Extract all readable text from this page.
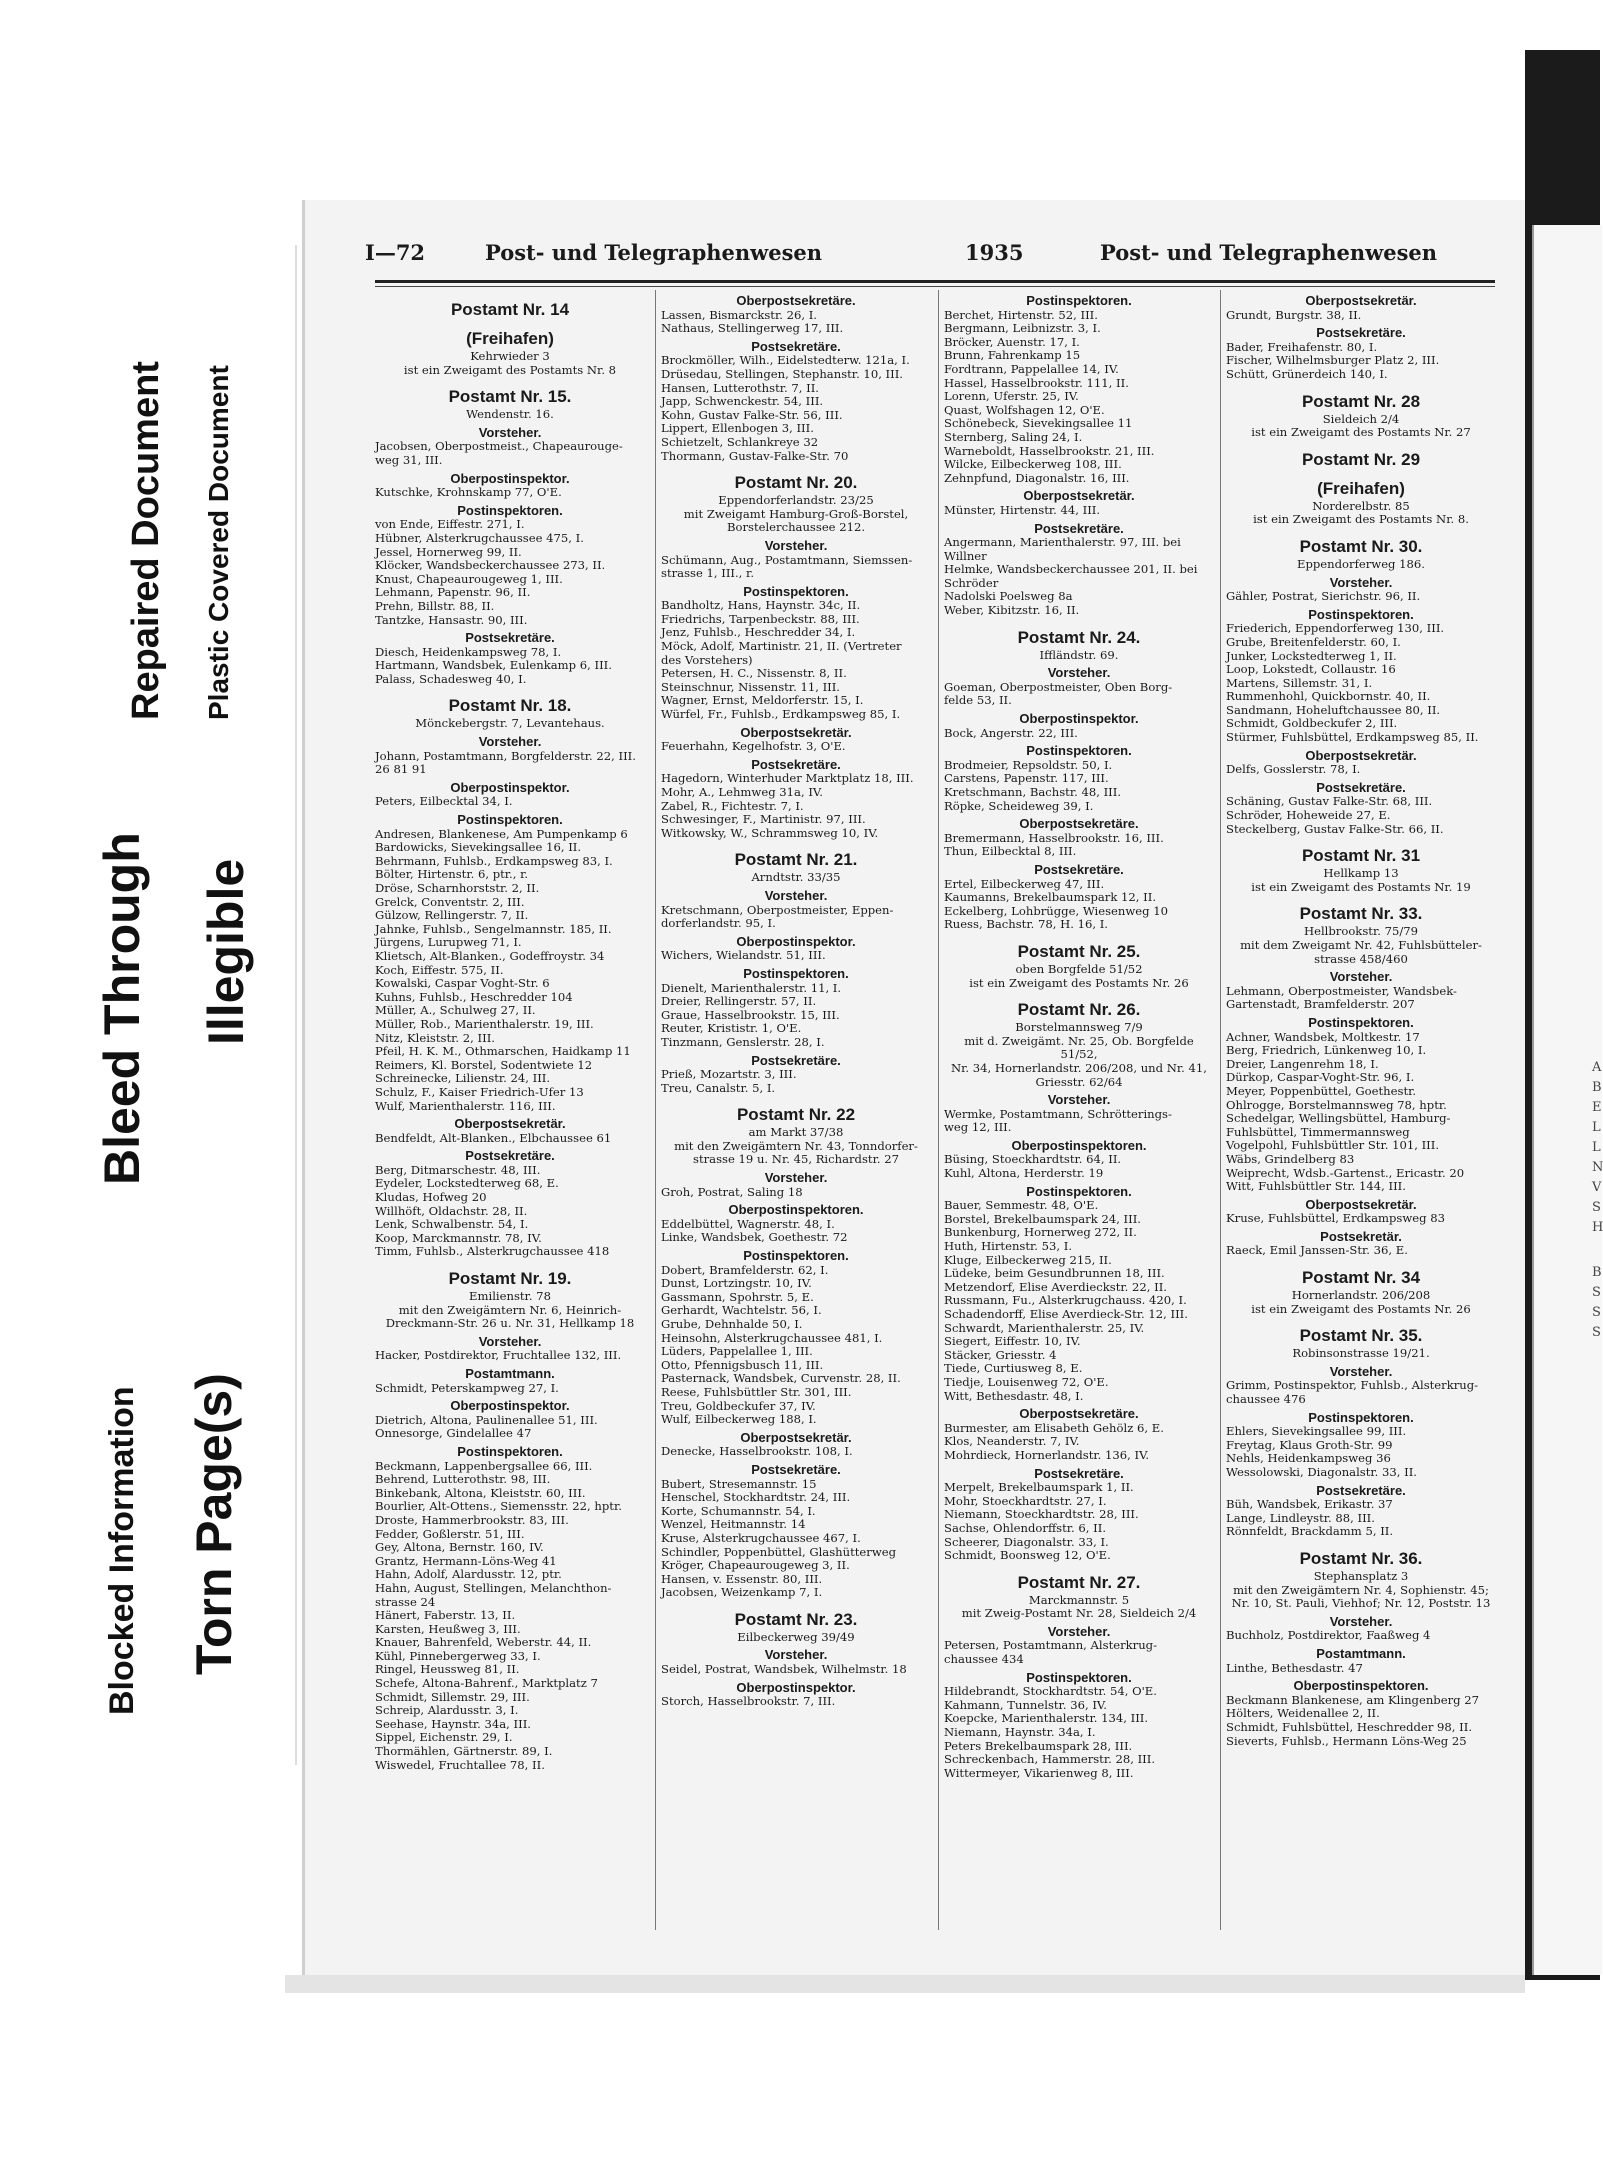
Repaired Document Plastic Covered Document
Bleed Through Illegible
Blocked Information Torn Page(s)
I—72	Post- und Telegraphenwesen	1935	Post- und Telegraphenwesen
Postamt Nr. 14
(Freihafen)
Kehrwieder 3
ist ein Zweigamt des Postamts Nr. 8
Postamt Nr. 15.
Wendenstr. 16.
Vorsteher.
Jacobsen, Oberpostmeist., Chapeaurouge-
weg 31, III.
Oberpostinspektor.
Kutschke, Krohnskamp 77, O'E.
Postinspektoren.
von Ende, Eiffestr. 271, I.
Hübner, Alsterkrugchaussee 475, I.
Jessel, Hornerweg 99, II.
Klöcker, Wandsbeckerchaussee 273, II.
Knust, Chapeaurougeweg 1, III.
Lehmann, Papenstr. 96, II.
Prehn, Billstr. 88, II.
Tantzke, Hansastr. 90, III.
Postsekretäre.
Diesch, Heidenkampsweg 78, I.
Hartmann, Wandsbek, Eulenkamp 6, III.
Palass, Schadesweg 40, I.
Postamt Nr. 18.
Mönckebergstr. 7, Levantehaus.
Vorsteher.
Johann, Postamtmann, Borgfelderstr. 22, III.
26 81 91
Oberpostinspektor.
Peters, Eilbecktal 34, I.
Postinspektoren.
Andresen, Blankenese, Am Pumpenkamp 6
Bardowicks, Sievekingsallee 16, II.
Behrmann, Fuhlsb., Erdkampsweg 83, I.
Bölter, Hirtenstr. 6, ptr., r.
Dröse, Scharnhorststr. 2, II.
Grelck, Conventstr. 2, III.
Gülzow, Rellingerstr. 7, II.
Jahnke, Fuhlsb., Sengelmannstr. 185, II.
Jürgens, Lurupweg 71, I.
Klietsch, Alt-Blanken., Godeffroystr. 34
Koch, Eiffestr. 575, II.
Kowalski, Caspar Voght-Str. 6
Kuhns, Fuhlsb., Heschredder 104
Müller, A., Schulweg 27, II.
Müller, Rob., Marienthalerstr. 19, III.
Nitz, Kleiststr. 2, III.
Pfeil, H. K. M., Othmarschen, Haidkamp 11
Reimers, Kl. Borstel, Sodentwiete 12
Schreinecke, Lilienstr. 24, III.
Schulz, F., Kaiser Friedrich-Ufer 13
Wulf, Marienthalerstr. 116, III.
Oberpostsekretär.
Bendfeldt, Alt-Blanken., Elbchaussee 61
Postsekretäre.
Berg, Ditmarschestr. 48, III.
Eydeler, Lockstedterweg 68, E.
Kludas, Hofweg 20
Willhöft, Oldachstr. 28, II.
Lenk, Schwalbenstr. 54, I.
Koop, Marckmannstr. 78, IV.
Timm, Fuhlsb., Alsterkrugchaussee 418
Postamt Nr. 19.
Emilienstr. 78
mit den Zweigämtern Nr. 6, Heinrich-
Dreckmann-Str. 26 u. Nr. 31, Hellkamp 18
Vorsteher.
Hacker, Postdirektor, Fruchtallee 132, III.
Postamtmann.
Schmidt, Peterskampweg 27, I.
Oberpostinspektor.
Dietrich, Altona, Paulinenallee 51, III.
Onnesorge, Gindelallee 47
Postinspektoren.
Beckmann, Lappenbergsallee 66, III.
Behrend, Lutterothstr. 98, III.
Binkebank, Altona, Kleiststr. 60, III.
Bourlier, Alt-Ottens., Siemensstr. 22, hptr.
Droste, Hammerbrookstr. 83, III.
Fedder, Goßlerstr. 51, III.
Gey, Altona, Bernstr. 160, IV.
Grantz, Hermann-Löns-Weg 41
Hahn, Adolf, Alardusstr. 12, ptr.
Hahn, August, Stellingen, Melanchthon-
strasse 24
Hänert, Faberstr. 13, II.
Karsten, Heußweg 3, III.
Knauer, Bahrenfeld, Weberstr. 44, II.
Kühl, Pinnebergerweg 33, I.
Ringel, Heussweg 81, II.
Schefe, Altona-Bahrenf., Marktplatz 7
Schmidt, Sillemstr. 29, III.
Schreip, Alardusstr. 3, I.
Seehase, Haynstr. 34a, III.
Sippel, Eichenstr. 29, I.
Thormählen, Gärtnerstr. 89, I.
Wiswedel, Fruchtallee 78, II.
Oberpostsekretäre.
Lassen, Bismarckstr. 26, I.
Nathaus, Stellingerweg 17, III.
Postsekretäre.
Brockmöller, Wilh., Eidelstedterw. 121a, I.
Drüsedau, Stellingen, Stephanstr. 10, III.
Hansen, Lutterothstr. 7, II.
Japp, Schwenckestr. 54, III.
Kohn, Gustav Falke-Str. 56, III.
Lippert, Ellenbogen 3, III.
Schietzelt, Schlankreye 32
Thormann, Gustav-Falke-Str. 70
Postamt Nr. 20.
Eppendorferlandstr. 23/25
mit Zweigamt Hamburg-Groß-Borstel,
Borstelerchaussee 212.
Vorsteher.
Schümann, Aug., Postamtmann, Siemssen-
strasse 1, III., r.
Postinspektoren.
Bandholtz, Hans, Haynstr. 34c, II.
Friedrichs, Tarpenbeckstr. 88, III.
Jenz, Fuhlsb., Heschredder 34, I.
Möck, Adolf, Martinistr. 21, II. (Vertreter
des Vorstehers)
Petersen, H. C., Nissenstr. 8, II.
Steinschnur, Nissenstr. 11, III.
Wagner, Ernst, Meldorferstr. 15, I.
Würfel, Fr., Fuhlsb., Erdkampsweg 85, I.
Oberpostsekretär.
Feuerhahn, Kegelhofstr. 3, O'E.
Postsekretäre.
Hagedorn, Winterhuder Marktplatz 18, III.
Mohr, A., Lehmweg 31a, IV.
Zabel, R., Fichtestr. 7, I.
Schwesinger, F., Martinistr. 97, III.
Witkowsky, W., Schrammsweg 10, IV.
Postamt Nr. 21.
Arndtstr. 33/35
Vorsteher.
Kretschmann, Oberpostmeister, Eppen-
dorferlandstr. 95, I.
Oberpostinspektor.
Wichers, Wielandstr. 51, III.
Postinspektoren.
Dienelt, Marienthalerstr. 11, I.
Dreier, Rellingerstr. 57, II.
Graue, Hasselbrookstr. 15, III.
Reuter, Krististr. 1, O'E.
Tinzmann, Genslerstr. 28, I.
Postsekretäre.
Prieß, Mozartstr. 3, III.
Treu, Canalstr. 5, I.
Postamt Nr. 22
am Markt 37/38
mit den Zweigämtern Nr. 43, Tonndorfer-
strasse 19 u. Nr. 45, Richardstr. 27
Vorsteher.
Groh, Postrat, Saling 18
Oberpostinspektoren.
Eddelbüttel, Wagnerstr. 48, I.
Linke, Wandsbek, Goethestr. 72
Postinspektoren.
Dobert, Bramfelderstr. 62, I.
Dunst, Lortzingstr. 10, IV.
Gassmann, Spohrstr. 5, E.
Gerhardt, Wachtelstr. 56, I.
Grube, Dehnhalde 50, I.
Heinsohn, Alsterkrugchaussee 481, I.
Lüders, Pappelallee 1, III.
Otto, Pfennigsbusch 11, III.
Pasternack, Wandsbek, Curvenstr. 28, II.
Reese, Fuhlsbüttler Str. 301, III.
Treu, Goldbeckufer 37, IV.
Wulf, Eilbeckerweg 188, I.
Oberpostsekretär.
Denecke, Hasselbrookstr. 108, I.
Postsekretäre.
Bubert, Stresemannstr. 15
Henschel, Stockhardtstr. 24, III.
Korte, Schumannstr. 54, I.
Wenzel, Heitmannstr. 14
Kruse, Alsterkrugchaussee 467, I.
Schindler, Poppenbüttel, Glashütterweg
Kröger, Chapeaurougeweg 3, II.
Hansen, v. Essenstr. 80, III.
Jacobsen, Weizenkamp 7, I.
Postamt Nr. 23.
Eilbeckerweg 39/49
Vorsteher.
Seidel, Postrat, Wandsbek, Wilhelmstr. 18
Oberpostinspektor.
Storch, Hasselbrookstr. 7, III.
Postinspektoren.
Berchet, Hirtenstr. 52, III.
Bergmann, Leibnizstr. 3, I.
Bröcker, Auenstr. 17, I.
Brunn, Fahrenkamp 15
Fordtrann, Pappelallee 14, IV.
Hassel, Hasselbrookstr. 111, II.
Lorenn, Uferstr. 25, IV.
Quast, Wolfshagen 12, O'E.
Schönebeck, Sievekingsallee 11
Sternberg, Saling 24, I.
Warneboldt, Hasselbrookstr. 21, III.
Wilcke, Eilbeckerweg 108, III.
Zehnpfund, Diagonalstr. 16, III.
Oberpostsekretär.
Münster, Hirtenstr. 44, III.
Postsekretäre.
Angermann, Marienthalerstr. 97, III. bei
Willner
Helmke, Wandsbeckerchaussee 201, II. bei
Schröder
Nadolski Poelsweg 8a
Weber, Kibitzstr. 16, II.
Postamt Nr. 24.
Iffländstr. 69.
Vorsteher.
Goeman, Oberpostmeister, Oben Borg-
felde 53, II.
Oberpostinspektor.
Bock, Angerstr. 22, III.
Postinspektoren.
Brodmeier, Repsoldstr. 50, I.
Carstens, Papenstr. 117, III.
Kretschmann, Bachstr. 48, III.
Röpke, Scheideweg 39, I.
Oberpostsekretäre.
Bremermann, Hasselbrookstr. 16, III.
Thun, Eilbecktal 8, III.
Postsekretäre.
Ertel, Eilbeckerweg 47, III.
Kaumanns, Brekelbaumspark 12, II.
Eckelberg, Lohbrügge, Wiesenweg 10
Ruess, Bachstr. 78, H. 16, I.
Postamt Nr. 25.
oben Borgfelde 51/52
ist ein Zweigamt des Postamts Nr. 26
Postamt Nr. 26.
Borstelmannsweg 7/9
mit d. Zweigämt. Nr. 25, Ob. Borgfelde 51/52,
Nr. 34, Hornerlandstr. 206/208, und Nr. 41,
Griesstr. 62/64
Vorsteher.
Wermke, Postamtmann, Schrötterings-
weg 12, III.
Oberpostinspektoren.
Büsing, Stoeckhardtstr. 64, II.
Kuhl, Altona, Herderstr. 19
Postinspektoren.
Bauer, Semmestr. 48, O'E.
Borstel, Brekelbaumspark 24, III.
Bunkenburg, Hornerweg 272, II.
Huth, Hirtenstr. 53, I.
Kluge, Eilbeckerweg 215, II.
Lüdeke, beim Gesundbrunnen 18, III.
Metzendorf, Elise Averdieckstr. 22, II.
Russmann, Fu., Alsterkrugchauss. 420, I.
Schadendorff, Elise Averdieck-Str. 12, III.
Schwardt, Marienthalerstr. 25, IV.
Siegert, Eiffestr. 10, IV.
Stäcker, Griesstr. 4
Tiede, Curtiusweg 8, E.
Tiedje, Louisenweg 72, O'E.
Witt, Bethesdastr. 48, I.
Oberpostsekretäre.
Burmester, am Elisabeth Gehölz 6, E.
Klos, Neanderstr. 7, IV.
Mohrdieck, Hornerlandstr. 136, IV.
Postsekretäre.
Merpelt, Brekelbaumspark 1, II.
Mohr, Stoeckhardtstr. 27, I.
Niemann, Stoeckhardtstr. 28, III.
Sachse, Ohlendorffstr. 6, II.
Scheerer, Diagonalstr. 33, I.
Schmidt, Boonsweg 12, O'E.
Postamt Nr. 27.
Marckmannstr. 5
mit Zweig-Postamt Nr. 28, Sieldeich 2/4
Vorsteher.
Petersen, Postamtmann, Alsterkrug-
chaussee 434
Postinspektoren.
Hildebrandt, Stockhardtstr. 54, O'E.
Kahmann, Tunnelstr. 36, IV.
Koepcke, Marienthalerstr. 134, III.
Niemann, Haynstr. 34a, I.
Peters Brekelbaumspark 28, III.
Schreckenbach, Hammerstr. 28, III.
Wittermeyer, Vikarienweg 8, III.
Oberpostsekretär.
Grundt, Burgstr. 38, II.
Postsekretäre.
Bader, Freihafenstr. 80, I.
Fischer, Wilhelmsburger Platz 2, III.
Schütt, Grünerdeich 140, I.
Postamt Nr. 28
Sieldeich 2/4
ist ein Zweigamt des Postamts Nr. 27
Postamt Nr. 29
(Freihafen)
Norderelbstr. 85
ist ein Zweigamt des Postamts Nr. 8.
Postamt Nr. 30.
Eppendorferweg 186.
Vorsteher.
Gähler, Postrat, Sierichstr. 96, II.
Postinspektoren.
Friederich, Eppendorferweg 130, III.
Grube, Breitenfelderstr. 60, I.
Junker, Lockstedterweg 1, II.
Loop, Lokstedt, Collaustr. 16
Martens, Sillemstr. 31, I.
Rummenhohl, Quickbornstr. 40, II.
Sandmann, Hoheluftchaussee 80, II.
Schmidt, Goldbeckufer 2, III.
Stürmer, Fuhlsbüttel, Erdkampsweg 85, II.
Oberpostsekretär.
Delfs, Gosslerstr. 78, I.
Postsekretäre.
Schäning, Gustav Falke-Str. 68, III.
Schröder, Hoheweide 27, E.
Steckelberg, Gustav Falke-Str. 66, II.
Postamt Nr. 31
Hellkamp 13
ist ein Zweigamt des Postamts Nr. 19
Postamt Nr. 33.
Hellbrookstr. 75/79
mit dem Zweigamt Nr. 42, Fuhlsbütteler-
strasse 458/460
Vorsteher.
Lehmann, Oberpostmeister, Wandsbek-
Gartenstadt, Bramfelderstr. 207
Postinspektoren.
Achner, Wandsbek, Moltkestr. 17
Berg, Friedrich, Lünkenweg 10, I.
Dreier, Langenrehm 18, I.
Dürkop, Caspar-Voght-Str. 96, I.
Meyer, Poppenbüttel, Goethestr.
Ohlrogge, Borstelmannsweg 78, hptr.
Schedelgar, Wellingsbüttel, Hamburg-
Fuhlsbüttel, Timmermannsweg
Vogelpohl, Fuhlsbüttler Str. 101, III.
Wäbs, Grindelberg 83
Weiprecht, Wdsb.-Gartenst., Ericastr. 20
Witt, Fuhlsbüttler Str. 144, III.
Oberpostsekretär.
Kruse, Fuhlsbüttel, Erdkampsweg 83
Postsekretär.
Raeck, Emil Janssen-Str. 36, E.
Postamt Nr. 34
Hornerlandstr. 206/208
ist ein Zweigamt des Postamts Nr. 26
Postamt Nr. 35.
Robinsonstrasse 19/21.
Vorsteher.
Grimm, Postinspektor, Fuhlsb., Alsterkrug-
chaussee 476
Postinspektoren.
Ehlers, Sievekingsallee 99, III.
Freytag, Klaus Groth-Str. 99
Nehls, Heidenkampsweg 36
Wessolowski, Diagonalstr. 33, II.
Postsekretäre.
Büh, Wandsbek, Erikastr. 37
Lange, Lindleystr. 88, III.
Rönnfeldt, Brackdamm 5, II.
Postamt Nr. 36.
Stephansplatz 3
mit den Zweigämtern Nr. 4, Sophienstr. 45;
Nr. 10, St. Pauli, Viehhof; Nr. 12, Poststr. 13
Vorsteher.
Buchholz, Postdirektor, Faaßweg 4
Postamtmann.
Linthe, Bethesdastr. 47
Oberpostinspektoren.
Beckmann Blankenese, am Klingenberg 27
Hölters, Weidenallee 2, II.
Schmidt, Fuhlsbüttel, Heschredder 98, II.
Sieverts, Fuhlsb., Hermann Löns-Weg 25
A
B
E
L
L
N
V
S
H
B
S
S
S
